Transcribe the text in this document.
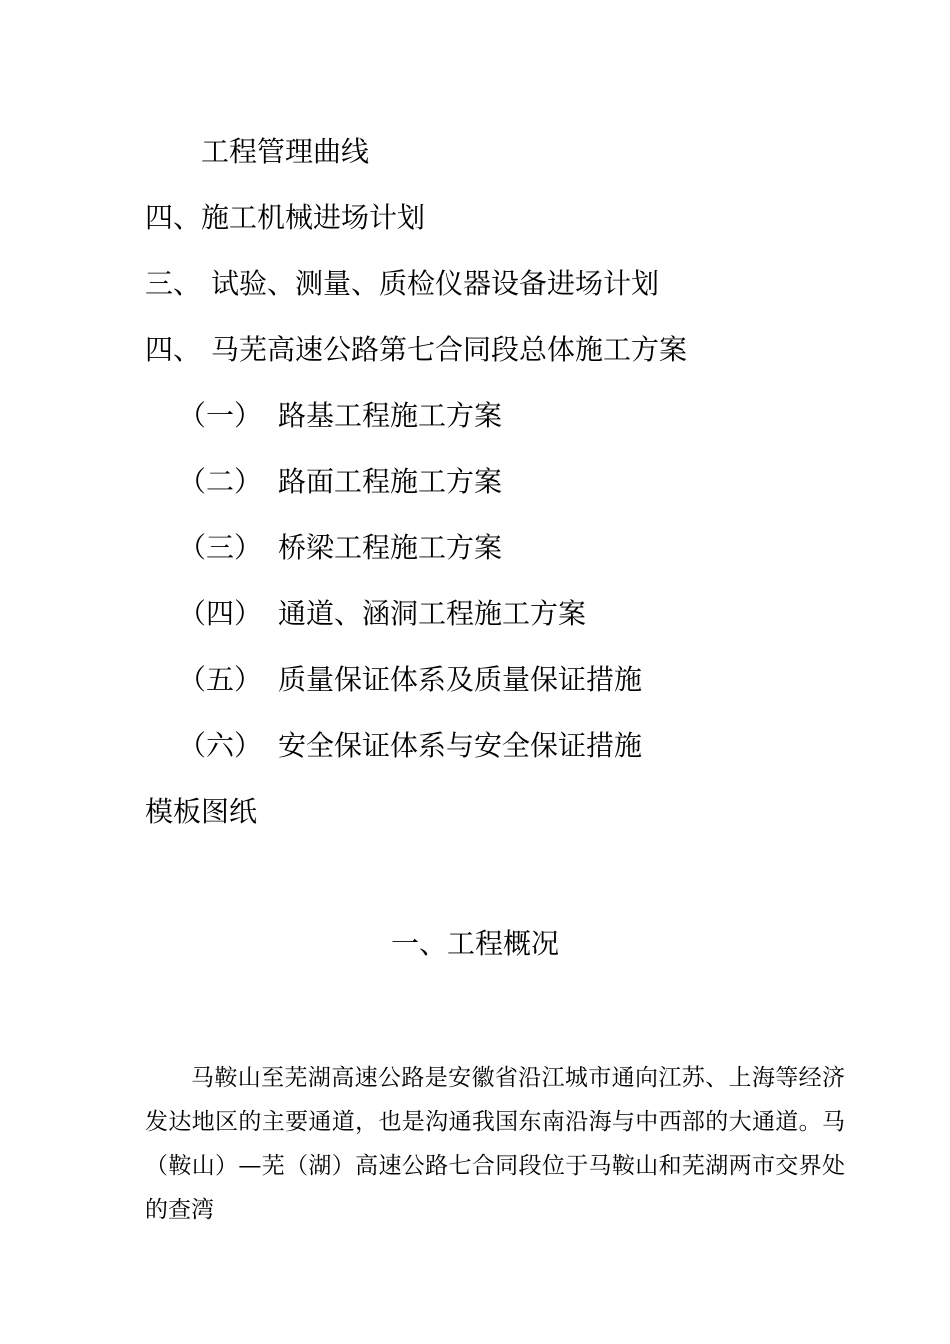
工程管理曲线
四、施工机械进场计划
三、 试验、测量、质检仪器设备进场计划
四、 马芜高速公路第七合同段总体施工方案
（一） 路基工程施工方案
（二） 路面工程施工方案
（三） 桥梁工程施工方案
（四） 通道、涵洞工程施工方案
（五） 质量保证体系及质量保证措施
（六） 安全保证体系与安全保证措施
模板图纸
一、工程概况

马鞍山至芜湖高速公路是安徽省沿江城市通向江苏、上海等经济发达地区的主要通道，也是沟通我国东南沿海与中西部的大通道。马（鞍山）—芜（湖）高速公路七合同段位于马鞍山和芜湖两市交界处的查湾
